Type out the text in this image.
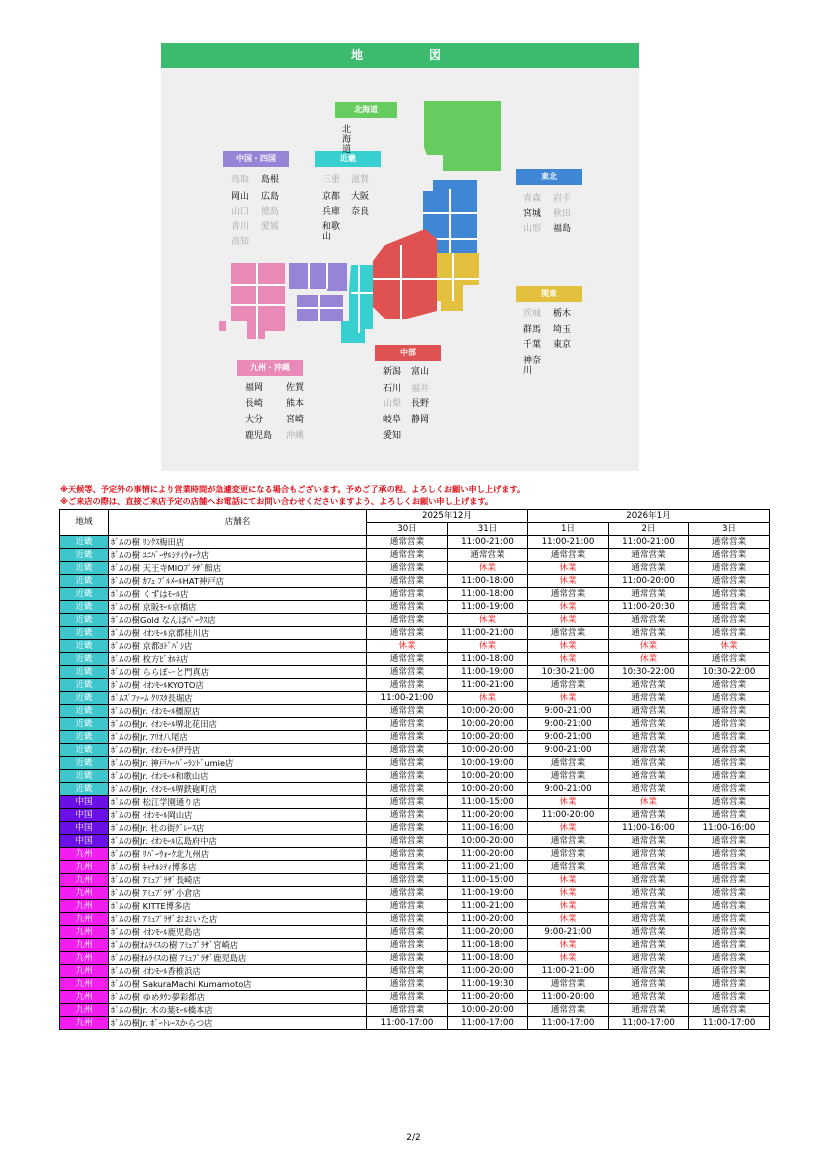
地	図
北海道
中国・四国	近畿
東北
関東
中部
九州・沖縄
北海道
鳥取 島根
岡山 広島
山口 徳島
香川 愛媛
高知
三重 滋賀
京都 大阪
兵庫 奈良
和歌山
青森 岩手
宮城 秋田
山形 福島
茨城 栃木
群馬 埼玉
千葉 東京
神奈川
新潟 富山
石川 福井
山梨 長野
岐阜 静岡
愛知
福岡	佐賀
長崎	熊本
大分	宮崎
鹿児島 沖縄
※天候等、予定外の事情により営業時間が急遽変更になる場合もございます。予めご了承の程、よろしくお願い申し上げます。
※ご来店の際は、直接ご来店予定の店舗へお電話にてお問い合わせくださいますよう、よろしくお願い申し上げます。
地域	店舗名	2025年12月		2026年1月		
		30日	31日	1日	2日	3日
近畿	ﾎﾞﾑの樹 ﾘﾝｸｽ梅田店	通常営業	11:00-21:00	11:00-21:00	11:00-21:00	通常営業
近畿	ﾎﾞﾑの樹 ﾕﾆﾊﾞｰｻﾙｼﾃｨｳｫｰｸ店	通常営業	通常営業	通常営業	通常営業	通常営業
近畿	ﾎﾞﾑの樹 天王寺MIOﾌﾟﾗｻﾞ館店	通常営業	休業	休業	通常営業	通常営業
近畿	ﾎﾞﾑの樹 ｶﾌｪ ﾌﾞﾙﾒｰﾙHAT神戸店	通常営業	11:00-18:00	休業	11:00-20:00	通常営業
近畿	ﾎﾞﾑの樹 くずはﾓｰﾙ店	通常営業	11:00-18:00	通常営業	通常営業	通常営業
近畿	ﾎﾞﾑの樹 京阪ﾓｰﾙ京橋店	通常営業	11:00-19:00	休業	11:00-20:30	通常営業
近畿	ﾎﾞﾑの樹Gold なんばﾊﾟｰｸｽ店	通常営業	休業	休業	通常営業	通常営業
近畿	ﾎﾞﾑの樹 ｲｵﾝﾓｰﾙ京都桂川店	通常営業	11:00-21:00	通常営業	通常営業	通常営業
近畿	ﾎﾞﾑの樹 京都ﾖﾄﾞﾊﾞｼ店	休業	休業	休業	休業	休業
近畿	ﾎﾞﾑの樹 枚方ﾋﾞｵﾙﾈ店	通常営業	11:00-18:00	休業	休業	通常営業
近畿	ﾎﾞﾑの樹 ららぽーと門真店	通常営業	11:00-19:00	10:30-21:00	10:30-22:00	10:30-22:00
近畿	ﾎﾞﾑの樹 ｲｵﾝﾓｰﾙKYOTO店	通常営業	11:00-21:00	通常営業	通常営業	通常営業
近畿	ﾎﾞﾑｽﾞﾌｧｰﾑ ｸﾘｽﾀ長堀店	11:00-21:00	休業	休業	通常営業	通常営業
近畿	ﾎﾞﾑの樹Jr. ｲｵﾝﾓｰﾙ橿原店	通常営業	10:00-20:00	9:00-21:00	通常営業	通常営業
近畿	ﾎﾞﾑの樹Jr. ｲｵﾝﾓｰﾙ堺北花田店	通常営業	10:00-20:00	9:00-21:00	通常営業	通常営業
近畿	ﾎﾞﾑの樹Jr. ｱﾘｵ八尾店	通常営業	10:00-20:00	9:00-21:00	通常営業	通常営業
近畿	ﾎﾞﾑの樹Jr. ｲｵﾝﾓｰﾙ伊丹店	通常営業	10:00-20:00	9:00-21:00	通常営業	通常営業
近畿	ﾎﾞﾑの樹Jr. 神戸ﾊｰﾊﾞｰﾗﾝﾄﾞumie店	通常営業	10:00-19:00	通常営業	通常営業	通常営業
近畿	ﾎﾞﾑの樹Jr. ｲｵﾝﾓｰﾙ和歌山店	通常営業	10:00-20:00	通常営業	通常営業	通常営業
近畿	ﾎﾞﾑの樹Jr. ｲｵﾝﾓｰﾙ堺鉄砲町店	通常営業	10:00-20:00	9:00-21:00	通常営業	通常営業
中国	ﾎﾞﾑの樹 松江学園通り店	通常営業	11:00-15:00	休業	休業	通常営業
中国	ﾎﾞﾑの樹 ｲｵﾝﾓｰﾙ岡山店	通常営業	11:00-20:00	11:00-20:00	通常営業	通常営業
中国	ﾎﾞﾑの樹Jr. 杜の街ｸﾞﾚｰｽ店	通常営業	11:00-16:00	休業	11:00-16:00	11:00-16:00
中国	ﾎﾞﾑの樹Jr. ｲｵﾝﾓｰﾙ広島府中店	通常営業	10:00-20:00	通常営業	通常営業	通常営業
九州	ﾎﾞﾑの樹 ﾘﾊﾞｰｳｫｰｸ北九州店	通常営業	11:00-20:00	通常営業	通常営業	通常営業
九州	ﾎﾞﾑの樹 ｷｬﾅﾙｼﾃｨ博多店	通常営業	11:00-21:00	通常営業	通常営業	通常営業
九州	ﾎﾞﾑの樹 ｱﾐｭﾌﾟﾗｻﾞ長崎店	通常営業	11:00-15:00	休業	通常営業	通常営業
九州	ﾎﾞﾑの樹 ｱﾐｭﾌﾟﾗｻﾞ小倉店	通常営業	11:00-19:00	休業	通常営業	通常営業
九州	ﾎﾞﾑの樹 KITTE博多店	通常営業	11:00-21:00	休業	通常営業	通常営業
九州	ﾎﾞﾑの樹 ｱﾐｭﾌﾟﾗｻﾞおおいた店	通常営業	11:00-20:00	休業	通常営業	通常営業
九州	ﾎﾞﾑの樹 ｲｵﾝﾓｰﾙ鹿児島店	通常営業	11:00-20:00	9:00-21:00	通常営業	通常営業
九州	ﾎﾞﾑの樹ｵﾑﾗｲｽの樹 ｱﾐｭﾌﾟﾗｻﾞ宮崎店	通常営業	11:00-18:00	休業	通常営業	通常営業
九州	ﾎﾞﾑの樹ｵﾑﾗｲｽの樹 ｱﾐｭﾌﾟﾗｻﾞ鹿児島店	通常営業	11:00-18:00	休業	通常営業	通常営業
九州	ﾎﾞﾑの樹 ｲｵﾝﾓｰﾙ香椎浜店	通常営業	11:00-20:00	11:00-21:00	通常営業	通常営業
九州	ﾎﾞﾑの樹 SakuraMachi Kumamoto店	通常営業	11:00-19:30	通常営業	通常営業	通常営業
九州	ﾎﾞﾑの樹 ゆめﾀｳﾝ夢彩都店	通常営業	11:00-20:00	11:00-20:00	通常営業	通常営業
九州	ﾎﾞﾑの樹Jr. 木の葉ﾓｰﾙ橋本店	通常営業	10:00-20:00	通常営業	通常営業	通常営業
九州	ﾎﾞﾑの樹Jr. ﾎﾞｰﾄﾚｰｽからつ店	11:00-17:00	11:00-17:00	11:00-17:00	11:00-17:00	11:00-17:00
2/2
